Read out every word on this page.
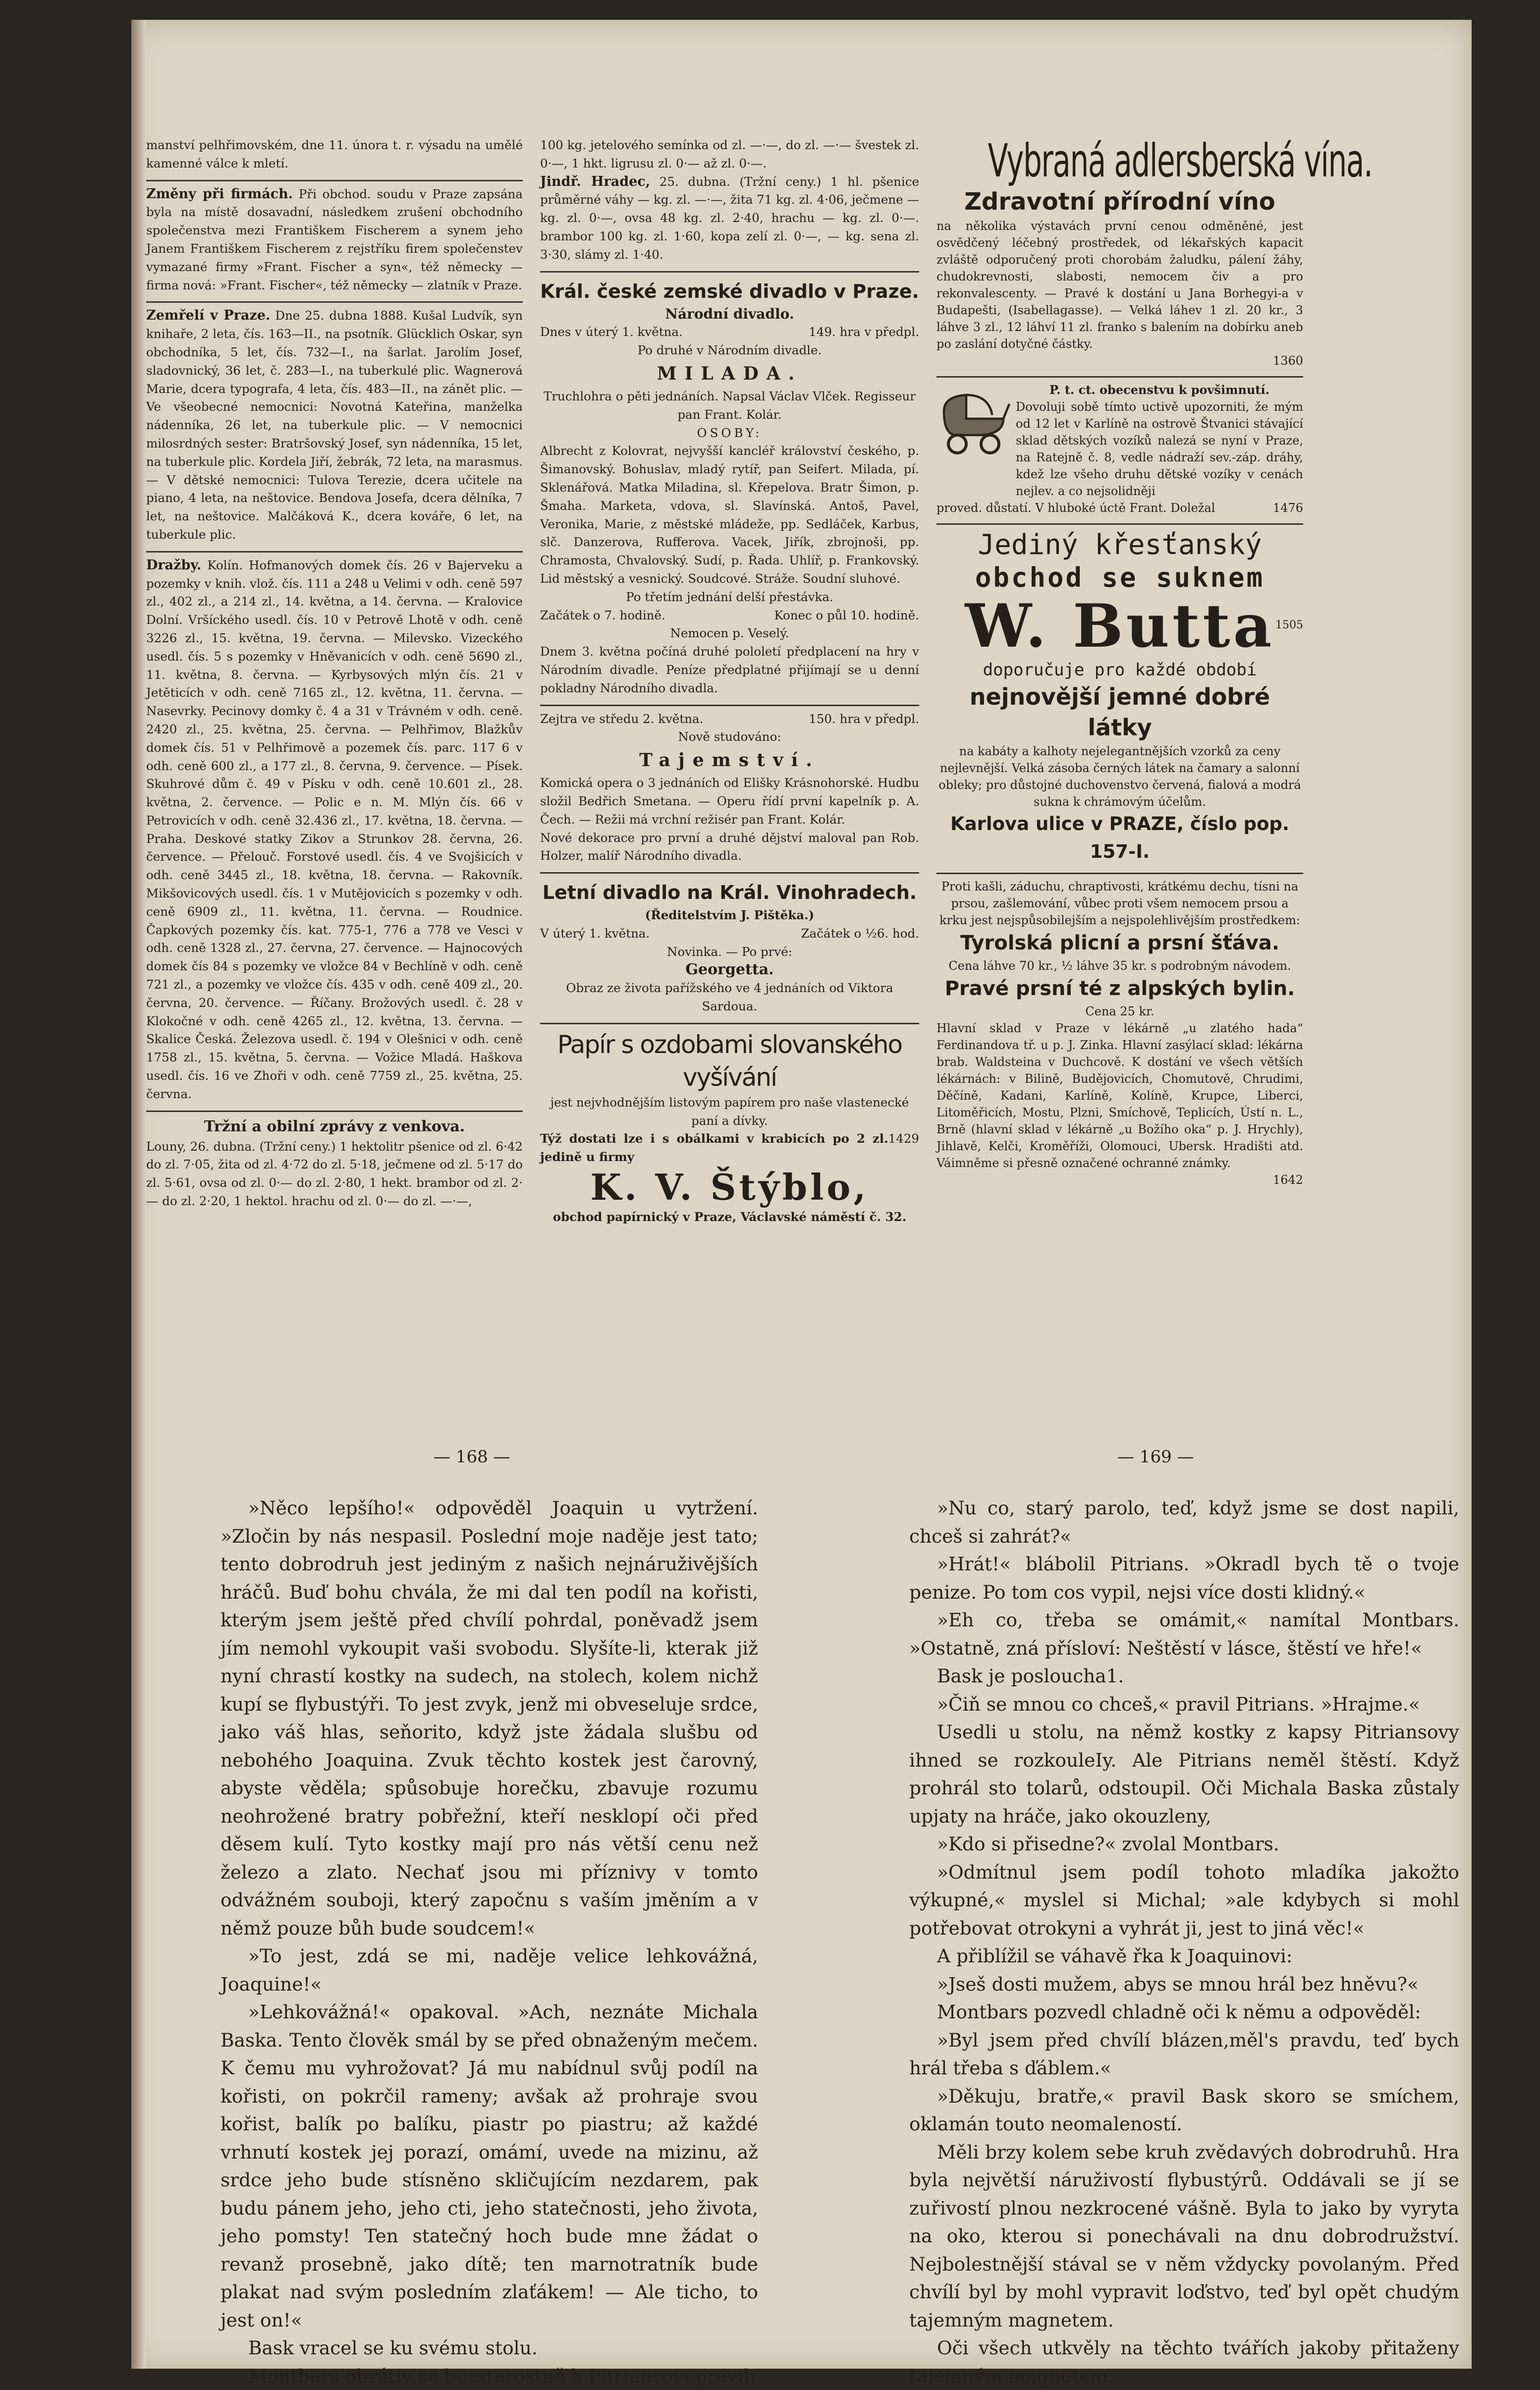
manství pelhřimovském, dne 11. února t. r. výsadu na umělé kamenné válce k mletí.

Změny při firmách. Při obchod. soudu v Praze zapsána byla na místě dosavadní, následkem zrušení obchodního společenstva mezi Františkem Fischerem a synem jeho Janem Františkem Fischerem z rejstříku firem společenstev vymazané firmy »Frant. Fischer a syn«, též německy — firma nová: »Frant. Fischer«, též německy — zlatník v Praze.

Zemřelí v Praze. Dne 25. dubna 1888. Kušal Ludvík, syn knihaře, 2 leta, čís. 163—II., na psotník. Glücklich Oskar, syn obchodníka, 5 let, čís. 732—I., na šarlat. Jarolím Josef, sladovnický, 36 let, č. 283—I., na tuberkulé plic. Wagnerová Marie, dcera typografa, 4 leta, čís. 483—II., na zánět plic. — Ve všeobecné nemocnici: Novotná Kateřina, manželka nádenníka, 26 let, na tuberkule plic. — V nemocnici milosrdných sester: Bratršovský Josef, syn nádenníka, 15 let, na tuberkule plic. Kordela Jiří, žebrák, 72 leta, na marasmus. — V dětské nemocnici: Tulova Terezie, dcera učitele na piano, 4 leta, na neštovice. Bendova Josefa, dcera dělníka, 7 let, na neštovice. Malčáková K., dcera kováře, 6 let, na tuberkule plic.

Dražby. Kolín. Hofmanových domek čís. 26 v Bajerveku a pozemky v knih. vlož. čís. 111 a 248 u Velimi v odh. ceně 597 zl., 402 zl., a 214 zl., 14. května, a 14. června. — Kralovice Dolní. Vršíckého usedl. čís. 10 v Petrově Lhotě v odh. ceně 3226 zl., 15. května, 19. června. — Milevsko. Vizeckého usedl. čís. 5 s pozemky v Hněvanicích v odh. ceně 5690 zl., 11. května, 8. června. — Kyrbysových mlýn čís. 21 v Jetěticích v odh. ceně 7165 zl., 12. května, 11. června. — Nasevrky. Pecinovy domky č. 4 a 31 v Trávném v odh. ceně. 2420 zl., 25. května, 25. června. — Pelhřimov, Blažkův domek čís. 51 v Pelhřimově a pozemek čís. parc. 117 6 v odh. ceně 600 zl., a 177 zl., 8. června, 9. července. — Písek. Skuhrové dům č. 49 v Písku v odh. ceně 10.601 zl., 28. května, 2. července. — Polic e n. M. Mlýn čís. 66 v Petrovicích v odh. ceně 32.436 zl., 17. května, 18. června. — Praha. Deskové statky Zikov a Strunkov 28. června, 26. července. — Přelouč. Forstové usedl. čís. 4 ve Svojšicích v odh. ceně 3445 zl., 18. května, 18. června. — Rakovník. Mikšovicových usedl. čís. 1 v Mutějovicích s pozemky v odh. ceně 6909 zl., 11. května, 11. června. — Roudnice. Čapkových pozemky čís. kat. 775-1, 776 a 778 ve Vesci v odh. ceně 1328 zl., 27. června, 27. července. — Hajnocových domek čís 84 s pozemky ve vložce 84 v Bechlíně v odh. ceně 721 zl., a pozemky ve vložce čís. 435 v odh. ceně 409 zl., 20. června, 20. července. — Říčany. Brožových usedl. č. 28 v Klokočné v odh. ceně 4265 zl., 12. května, 13. června. — Skalice Česká. Železova usedl. č. 194 v Olešnici v odh. ceně 1758 zl., 15. května, 5. června. — Vožice Mladá. Haškova usedl. čís. 16 ve Zhoři v odh. ceně 7759 zl., 25. května, 25. června.

Tržní a obilní zprávy z venkova.

Louny, 26. dubna. (Tržní ceny.) 1 hektolitr pšenice od zl. 6·42 do zl. 7·05, žita od zl. 4·72 do zl. 5·18, ječmene od zl. 5·17 do zl. 5·61, ovsa od zl. 0·— do zl. 2·80, 1 hekt. brambor od zl. 2·— do zl. 2·20, 1 hektol. hrachu od zl. 0·— do zl. —·—,

100 kg. jetelového semínka od zl. —·—, do zl. —·— švestek zl. 0·—, 1 hkt. ligrusu zl. 0·— až zl. 0·—.

Jindř. Hradec, 25. dubna. (Tržní ceny.) 1 hl. pšenice průměrné váhy — kg. zl. —·—, žita 71 kg. zl. 4·06, ječmene — kg. zl. 0·—, ovsa 48 kg. zl. 2·40, hrachu — kg. zl. 0·—. brambor 100 kg. zl. 1·60, kopa zelí zl. 0·—, — kg. sena zl. 3·30, slámy zl. 1·40.

Král. české zemské divadlo v Praze.

Národní divadlo.

Dnes v úterý 1. května.	149. hra v předpl.

Po druhé v Národním divadle.

MILADA.

Truchlohra o pěti jednáních. Napsal Václav Vlček. Regisseur pan Frant. Kolár.

OSOBY:

Albrecht z Kolovrat, nejvyšší kancléř království českého, p. Šimanovský. Bohuslav, mladý rytíř, pan Seifert. Milada, pí. Sklenářová. Matka Miladina, sl. Křepelova. Bratr Šimon, p. Šmaha. Marketa, vdova, sl. Slavínská. Antoš, Pavel, Veronika, Marie, z městské mládeže, pp. Sedláček, Karbus, slč. Danzerova, Rufferova. Vacek, Jiřík, zbrojnoši, pp. Chramosta, Chvalovský. Sudí, p. Řada. Uhlíř, p. Frankovský. Lid městský a vesnický. Soudcové. Stráže. Soudní sluhové.

Po třetím jednání delší přestávka.

Začátek o 7. hodině.	Konec o půl 10. hodině.

Nemocen p. Veselý.

Dnem 3. května počíná druhé pololetí předplacení na hry v Národním divadle. Peníze předplatné přijímají se u denní pokladny Národního divadla.

Zejtra ve středu 2. května.	150. hra v předpl.

Nově studováno:

Tajemství.

Komická opera o 3 jednáních od Elišky Krásnohorské. Hudbu složil Bedřich Smetana. — Operu řídí první kapelník p. A. Čech. — Režii má vrchní režisér pan Frant. Kolár.

Nové dekorace pro první a druhé dějství maloval pan Rob. Holzer, malíř Národního divadla.

Letní divadlo na Král. Vinohradech.

(Ředitelstvím J. Pištěka.)

V úterý 1. května.	Začátek o ½6. hod.

Novinka. — Po prvé:

Georgetta.

Obraz ze života pařížského ve 4 jednáních od Viktora Sardoua.

Papír s ozdobami slovanského vyšívání

jest nejvhodnějším listovým papírem pro naše vlastenecké paní a dívky.

Týž dostati lze i s obálkami v krabicích po 2 zl. jedině u firmy
1429

K. V. Štýblo,

obchod papírnický v Praze, Václavské náměstí č. 32.

Vybraná adlersberská vína.

Zdravotní přírodní víno

na několika výstavách první cenou odměněné, jest osvědčený léčebný prostředek, od lékařských kapacit zvláště odporučený proti chorobám žaludku, pálení žáhy, chudokrevnosti, slabosti, nemocem čiv a pro rekonvalescenty. — Pravé k dostání u Jana Borhegyi-a v Budapešti, (Isabellagasse). — Velká láhev 1 zl. 20 kr., 3 láhve 3 zl., 12 láhví 11 zl. franko s balením na dobírku aneb po zaslání dotyčné částky.

1360

P. t. ct. obecenstvu k povšimnutí.

Dovoluji sobě tímto uctivě upozorniti, že mým od 12 let v Karlíně na ostrově Štvanici stávající sklad dětských vozíků nalezá se nyní v Praze, na Ratejně č. 8, vedle nádraží sev.-záp. dráhy, kdež lze všeho druhu dětské vozíky v cenách nejlev. a co nejsolidněji

proved. důstatí. V hluboké úctě Frant. Doležal	1476

Jediný křesťanský

obchod se suknem

W. Butta 1505

doporučuje pro každé období

nejnovější jemné dobré látky

na kabáty a kalhoty nejelegantnějších vzorků za ceny nejlevnější. Velká zásoba černých látek na čamary a salonní obleky; pro důstojné duchovenstvo červená, fialová a modrá sukna k chrámovým účelům.

Karlova ulice v PRAZE, číslo pop. 157-I.

Proti kašli, záduchu, chraptivosti, krátkému dechu, tísni na prsou, zašlemování, vůbec proti všem nemocem prsou a krku jest nejspůsobilejším a nejspolehlivějším prostředkem:

Tyrolská plicní a prsní šťáva.

Cena láhve 70 kr., ½ láhve 35 kr. s podrobným návodem.

Pravé prsní té z alpských bylin.

Cena 25 kr.

Hlavní sklad v Praze v lékárně „u zlatého hada“ Ferdinandova tř. u p. J. Zinka. Hlavní zasýlací sklad: lékárna brab. Waldsteina v Duchcově. K dostání ve všech větších lékárnách: v Bilině, Budějovicích, Chomutově, Chrudimi, Děčíně, Kadani, Karlíně, Kolíně, Krupce, Liberci, Litoměřicích, Mostu, Plzni, Smíchově, Teplicích, Ústí n. L., Brně (hlavní sklad v lékárně „u Božího oka“ p. J. Hrychly), Jihlavě, Kelči, Kroměříži, Olomouci, Ubersk. Hradišti atd. Váimněme si přesně označené ochranné známky.

1642

— 168 —	— 169 —

»Něco lepšího!« odpověděl Joaquin u vytržení. »Zločin by nás nespasil. Poslední moje naděje jest tato; tento dobrodruh jest jediným z našich nejnáruživějších hráčů. Buď bohu chvála, že mi dal ten podíl na kořisti, kterým jsem ještě před chvílí pohrdal, poněvadž jsem jím nemohl vykoupit vaši svobodu. Slyšíte-li, kterak již nyní chrastí kostky na sudech, na stolech, kolem nichž kupí se flybustýři. To jest zvyk, jenž mi obveseluje srdce, jako váš hlas, seňorito, když jste žádala slušbu od nebohého Joaquina. Zvuk těchto kostek jest čarovný, abyste věděla; spůsobuje horečku, zbavuje rozumu neohrožené bratry pobřežní, kteří nesklopí oči před děsem kulí. Tyto kostky mají pro nás větší cenu než železo a zlato. Nechať jsou mi příznivy v tomto odvážném souboji, který započnu s vaším jměním a v němž pouze bůh bude soudcem!«

»To jest, zdá se mi, naděje velice lehkovážná, Joaquine!«

»Lehkovážná!« opakoval. »Ach, neznáte Michala Baska. Tento člověk smál by se před obnaženým mečem. K čemu mu vyhrožovat? Já mu nabídnul svůj podíl na kořisti, on pokrčil rameny; avšak až prohraje svou kořist, balík po balíku, piastr po piastru; až každé vrhnutí kostek jej porazí, omámí, uvede na mizinu, až srdce jeho bude stísněno skličujícím nezdarem, pak budu pánem jeho, jeho cti, jeho statečnosti, jeho života, jeho pomsty! Ten statečný hoch bude mne žádat o revanž prosebně, jako dítě; ten marnotratník bude plakat nad svým posledním zlaťákem! — Ale ticho, to jest on!«

Bask vracel se ku svému stolu.

Montbars obrátiv se bezstarostně k Pitriansovi pravil:

»Nu co, starý parolo, teď, když jsme se dost napili, chceš si zahrát?«

»Hrát!« blábolil Pitrians. »Okradl bych tě o tvoje penize. Po tom cos vypil, nejsi více dosti klidný.«

»Eh co, třeba se omámit,« namítal Montbars. »Ostatně, zná přísloví: Neštěstí v lásce, štěstí ve hře!«

Bask je posloucha1.

»Čiň se mnou co chceš,« pravil Pitrians. »Hrajme.«

Usedli u stolu, na němž kostky z kapsy Pitriansovy ihned se rozkouleIy. Ale Pitrians neměl štěstí. Když prohrál sto tolarů, odstoupil. Oči Michala Baska zůstaly upjaty na hráče, jako okouzleny,

»Kdo si přisedne?« zvolal Montbars.

»Odmítnul jsem podíl tohoto mladíka jakožto výkupné,« myslel si Michal; »ale kdybych si mohl potřebovat otrokyni a vyhrát ji, jest to jiná věc!«

A přiblížil se váhavě řka k Joaquinovi:

»Jseš dosti mužem, abys se mnou hrál bez hněvu?«

Montbars pozvedl chladně oči k němu a odpověděl:

»Byl jsem před chvílí blázen,měl's pravdu, teď bych hrál třeba s ďáblem.«

»Děkuju, bratře,« pravil Bask skoro se smíchem, oklamán touto neomaleností.

Měli brzy kolem sebe kruh zvědavých dobrodruhů. Hra byla největší náruživostí flybustýrů. Oddávali se jí se zuřivostí plnou nezkrocené vášně. Byla to jako by vyryta na oko, kterou si ponechávali na dnu dobrodružství. Nejbolestnější stával se v něm vždycky povolaným. Před chvílí byl by mohl vypravit loďstvo, teď byl opět chudým tajemným magnetem.

Oči všech utkvěly na těchto tvářích jakoby přitaženy tajemným magnetem.
